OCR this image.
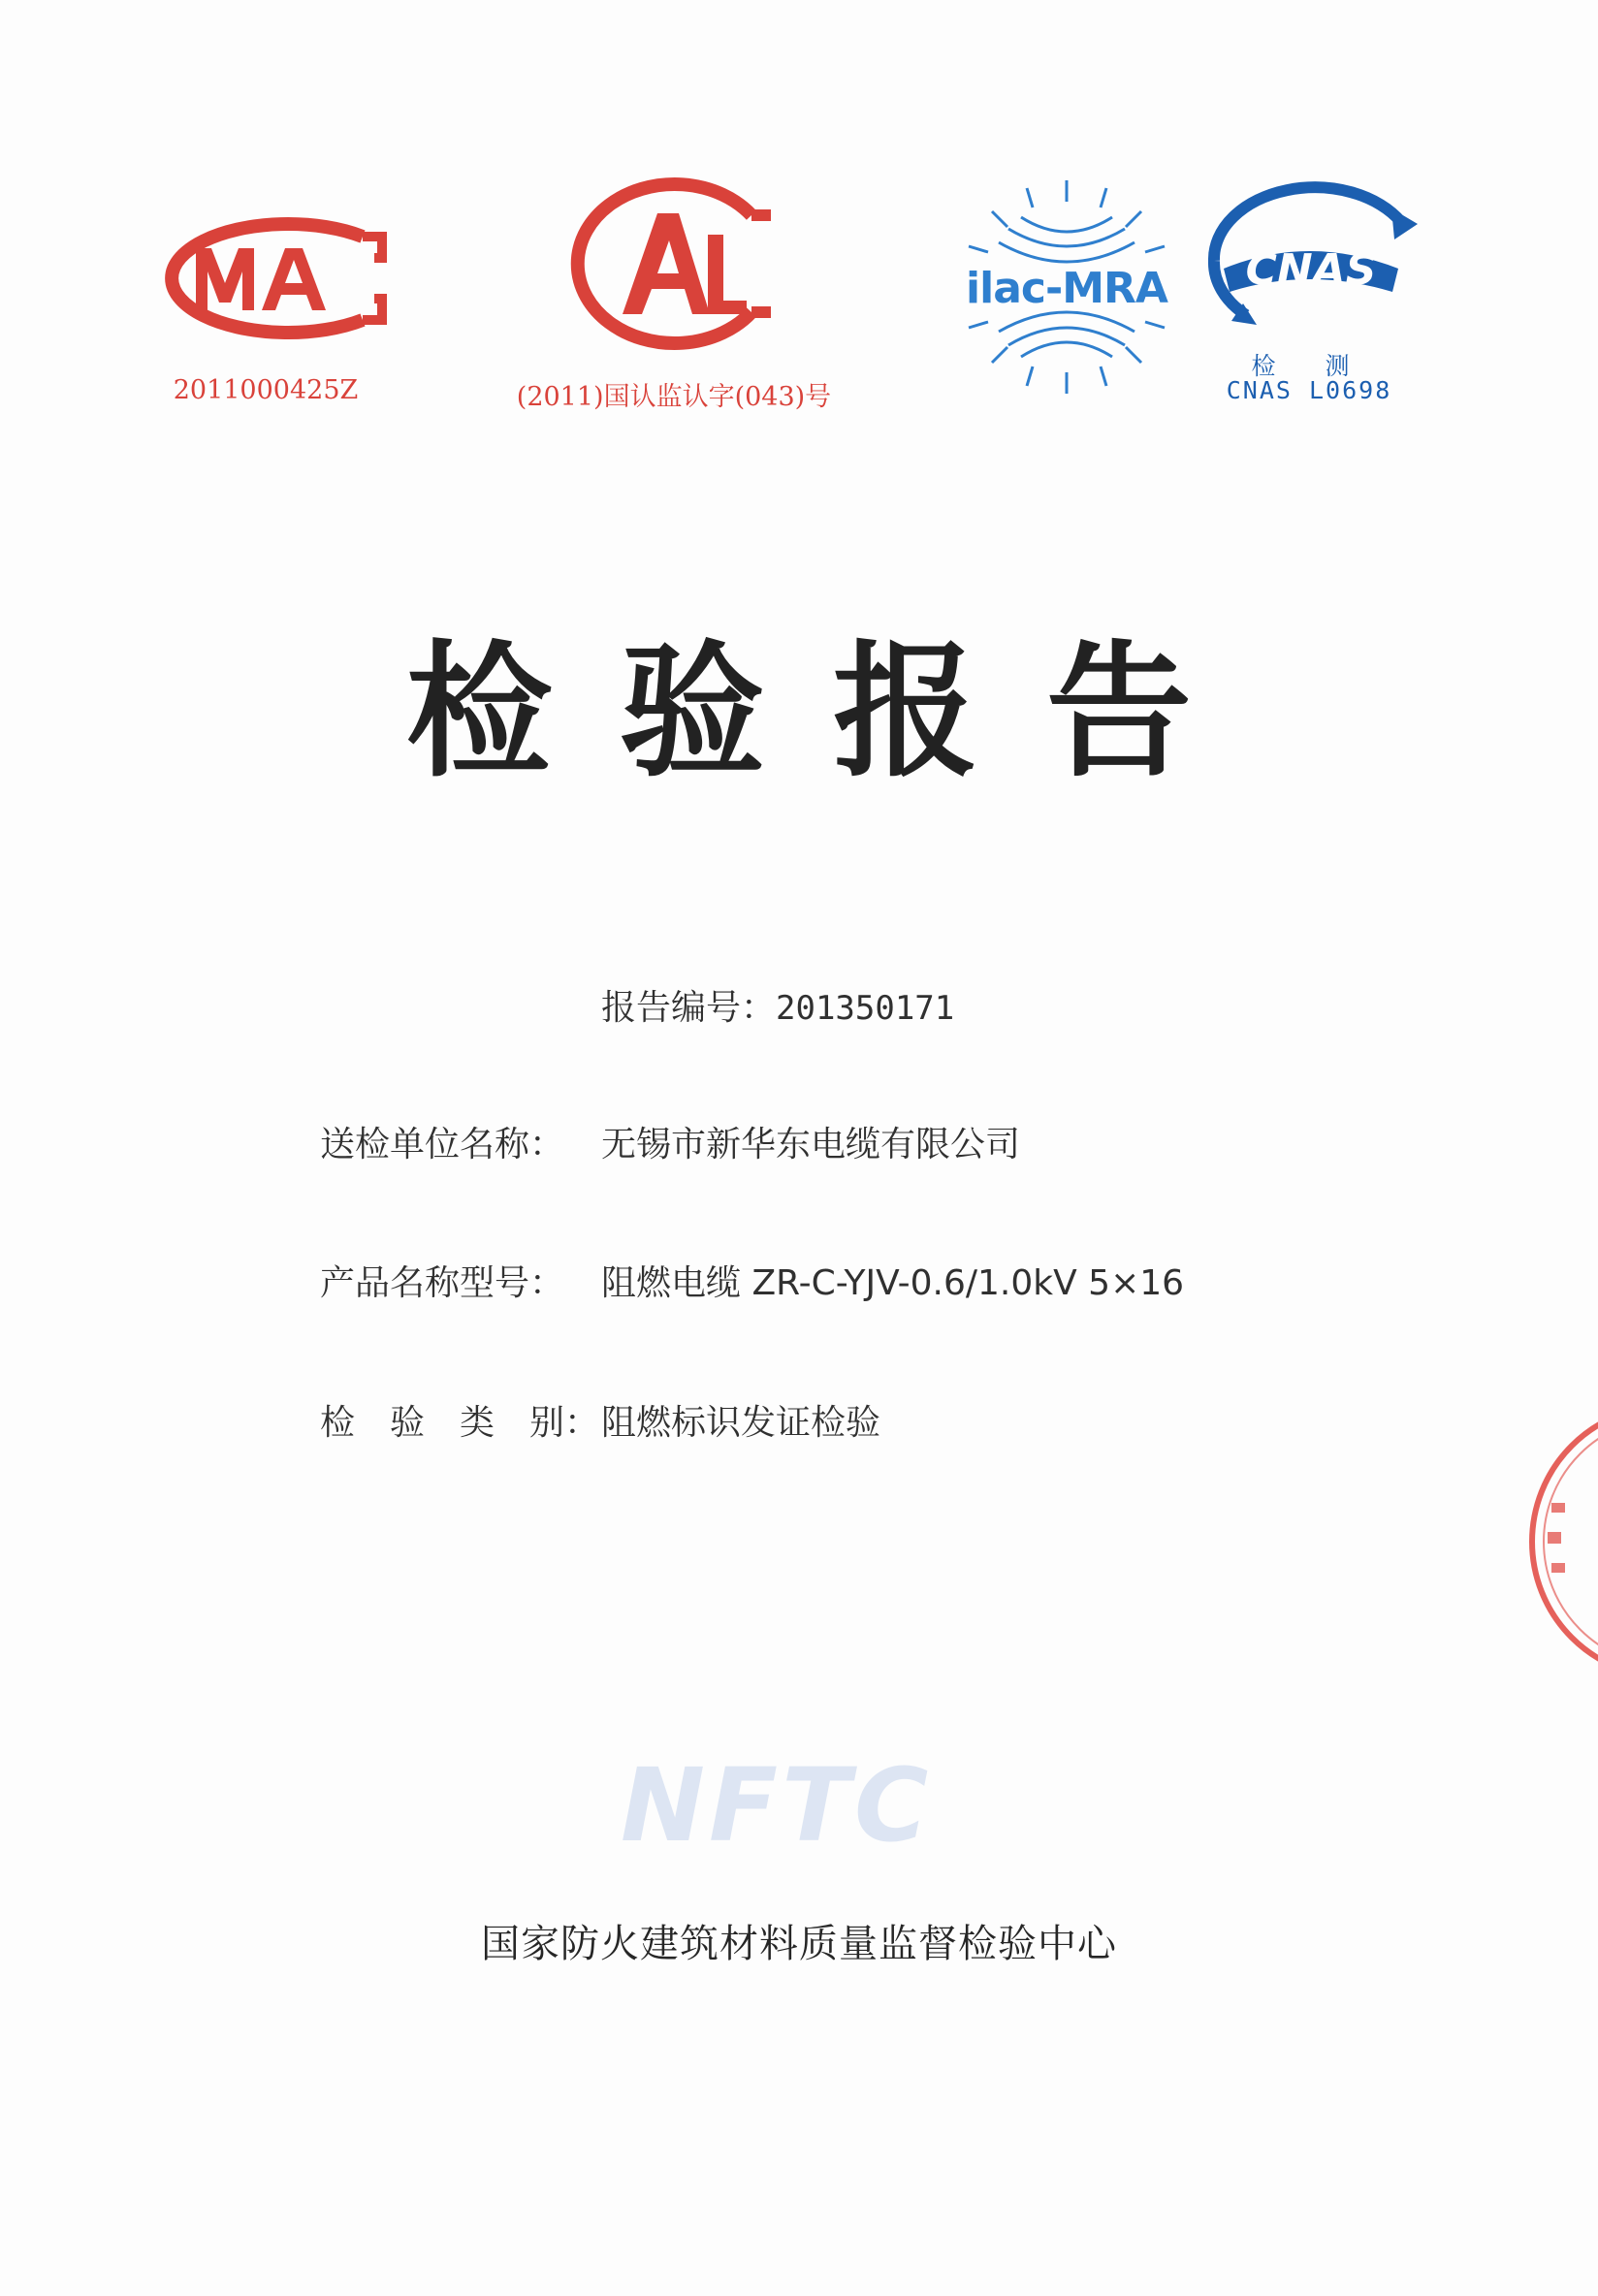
2011000425Z	(2011)国认监认字(043)号
ilac-MRA CNAS
检 测
CNAS L0698
检验报告
报告编号：201350171
送检单位名称： 无锡市新华东电缆有限公司
产品名称型号： 阻燃电缆 ZR-C-YJV-0.6/1.0kV 5×16
检　验　类　别：阻燃标识发证检验
NFTC
国家防火建筑材料质量监督检验中心
